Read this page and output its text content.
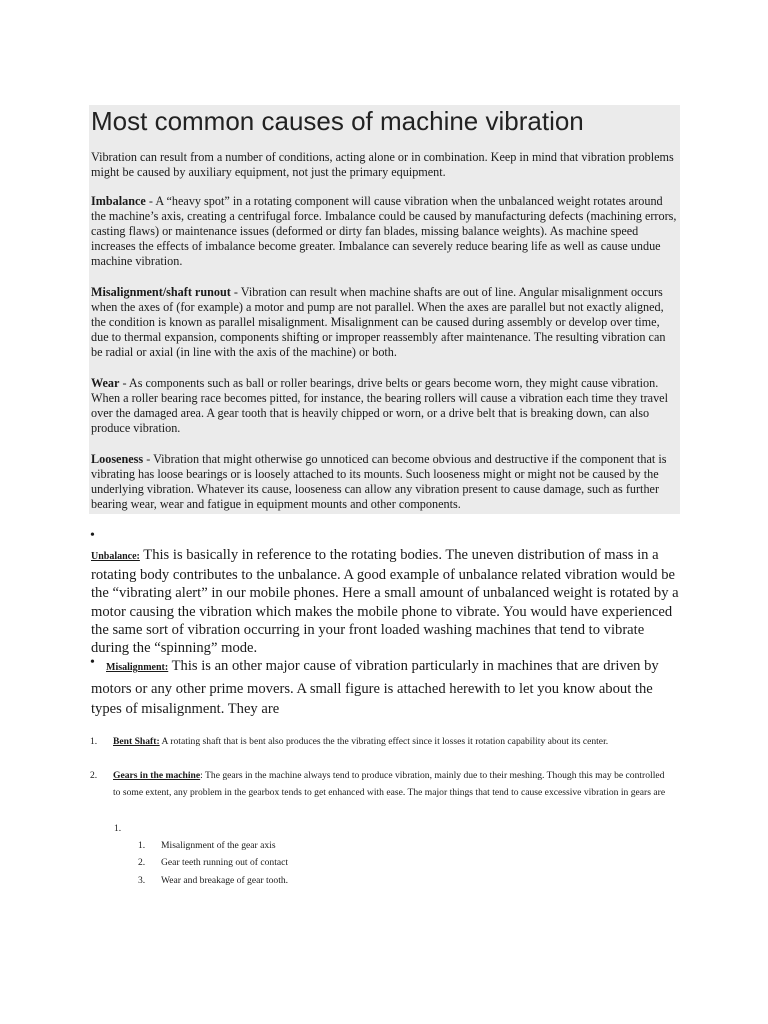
Most common causes of machine vibration

Vibration can result from a number of conditions, acting alone or in combination. Keep in mind that vibration problems might be caused by auxiliary equipment, not just the primary equipment.

Imbalance - A “heavy spot” in a rotating component will cause vibration when the unbalanced weight rotates around the machine’s axis, creating a centrifugal force. Imbalance could be caused by manufacturing defects (machining errors, casting flaws) or maintenance issues (deformed or dirty fan blades, missing balance weights). As machine speed increases the effects of imbalance become greater. Imbalance can severely reduce bearing life as well as cause undue machine vibration.

Misalignment/shaft runout - Vibration can result when machine shafts are out of line. Angular misalignment occurs when the axes of (for example) a motor and pump are not parallel. When the axes are parallel but not exactly aligned, the condition is known as parallel misalignment. Misalignment can be caused during assembly or develop over time, due to thermal expansion, components shifting or improper reassembly after maintenance. The resulting vibration can be radial or axial (in line with the axis of the machine) or both.

Wear - As components such as ball or roller bearings, drive belts or gears become worn, they might cause vibration. When a roller bearing race becomes pitted, for instance, the bearing rollers will cause a vibration each time they travel over the damaged area. A gear tooth that is heavily chipped or worn, or a drive belt that is breaking down, can also produce vibration.

Looseness - Vibration that might otherwise go unnoticed can become obvious and destructive if the component that is vibrating has loose bearings or is loosely attached to its mounts. Such looseness might or might not be caused by the underlying vibration. Whatever its cause, looseness can allow any vibration present to cause damage, such as further bearing wear, wear and fatigue in equipment mounts and other components.

•

Unbalance: This is basically in reference to the rotating bodies. The uneven distribution of mass in a rotating body contributes to the unbalance. A good example of unbalance related vibration would be the “vibrating alert” in our mobile phones. Here a small amount of unbalanced weight is rotated by a motor causing the vibration which makes the mobile phone to vibrate. You would have experienced the same sort of vibration occurring in your front loaded washing machines that tend to vibrate during the “spinning” mode.

•	Misalignment: This is an other major cause of vibration particularly in machines that are driven by motors or any other prime movers. A small figure is attached herewith to let you know about the types of misalignment. They are

1. Bent Shaft: A rotating shaft that is bent also produces the the vibrating effect since it losses it rotation capability about its center.
2. Gears in the machine: The gears in the machine always tend to produce vibration, mainly due to their meshing. Though this may be controlled to some extent, any problem in the gearbox tends to get enhanced with ease. The major things that tend to cause excessive vibration in gears are
1.
1. Misalignment of the gear axis
2. Gear teeth running out of contact
3. Wear and breakage of gear tooth.
